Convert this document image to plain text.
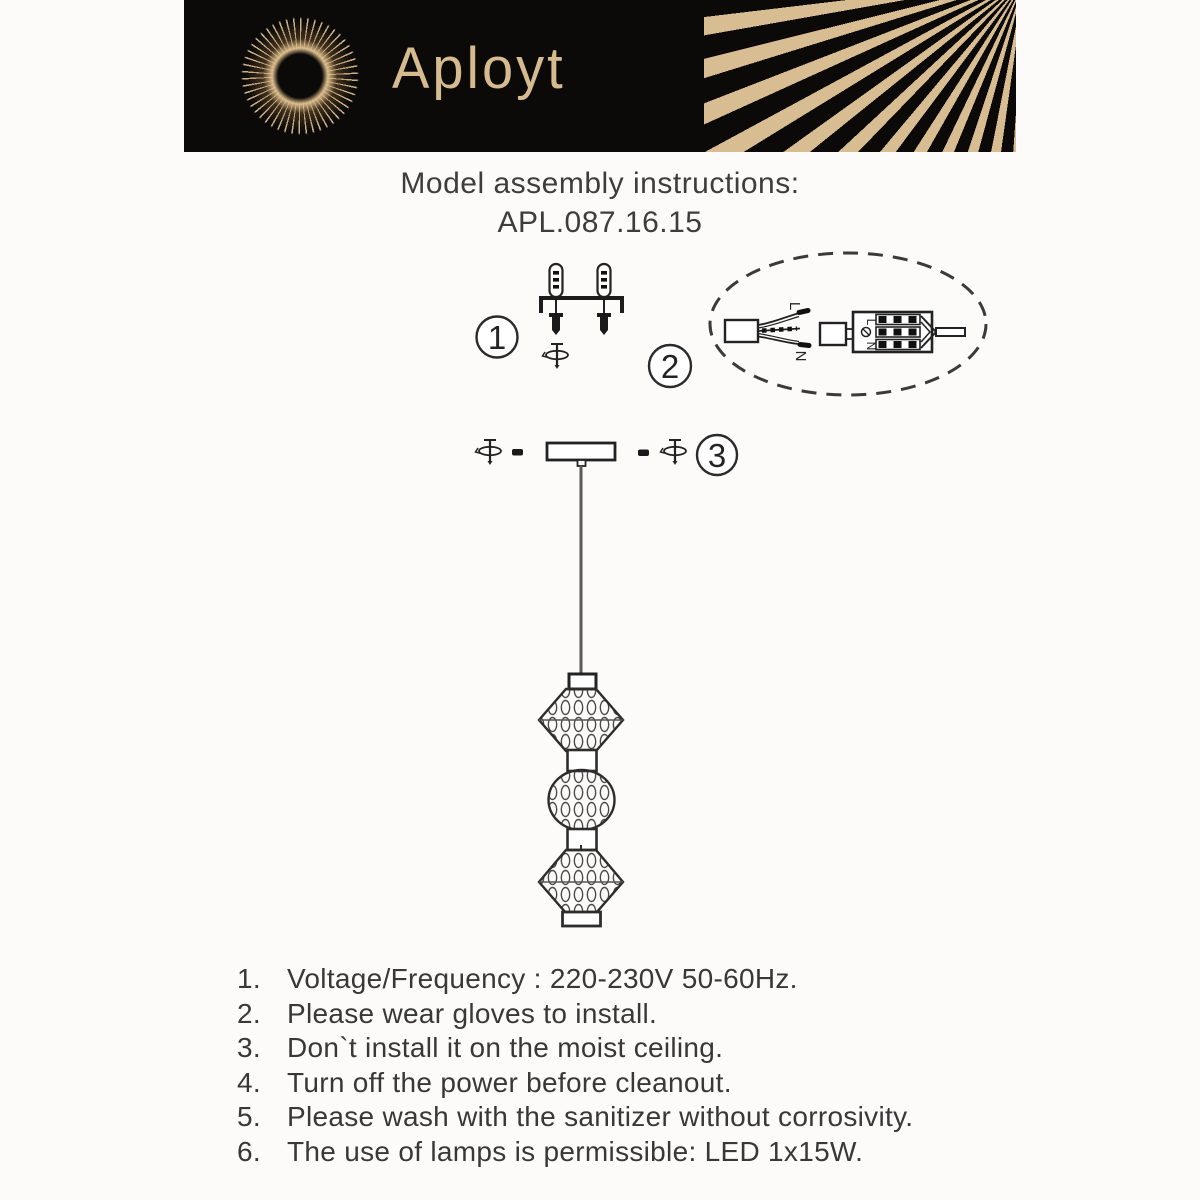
Aployt
Model assembly instructions:
APL.087.16.15
1
2
L
N
L
N
3
1. Voltage/Frequency : 220-230V 50-60Hz.
2. Please wear gloves to install.
3. Don`t install it on the moist ceiling.
4. Turn off the power before cleanout.
5. Please wash with the sanitizer without corrosivity.
6. The use of lamps is permissible: LED 1x15W.
